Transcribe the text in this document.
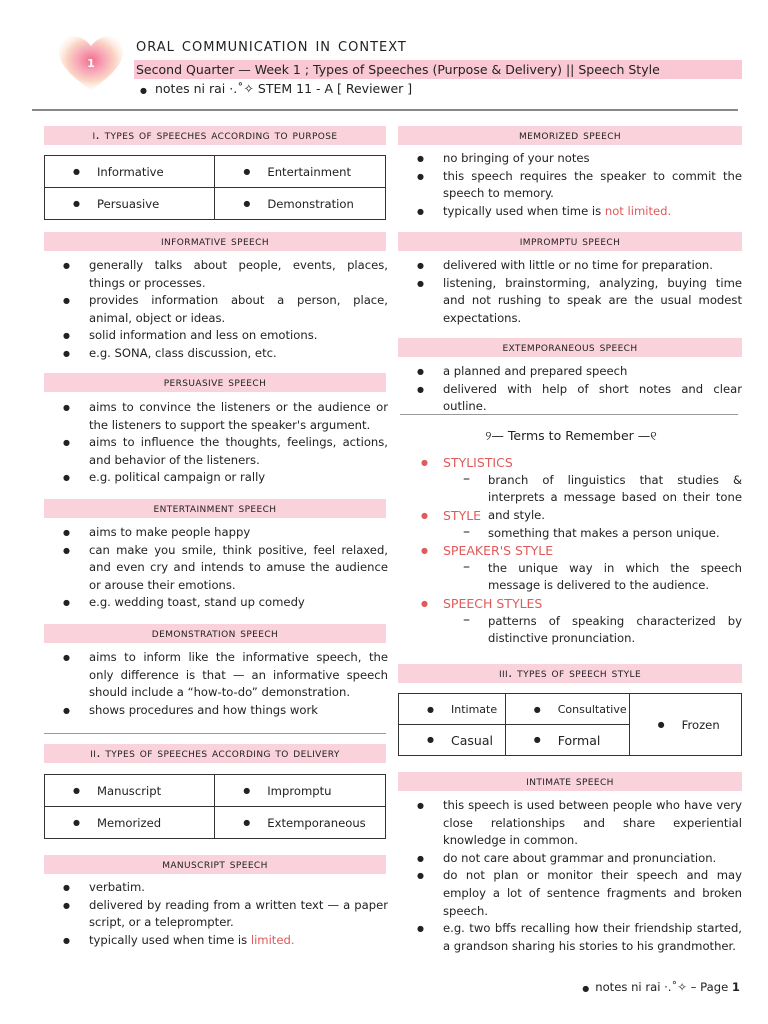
1
oral communication in context
Second Quarter — Week 1 ; Types of Speeches (Purpose & Delivery) || Speech Style
● notes ni rai ·.˚✧ STEM 11 - A [ Reviewer ]
i. types of speeches according to purpose
● Informative	● Entertainment

● Persuasive	● Demonstration
informative speech
● generally talks about people, events, places, things or processes.
● provides information about a person, place, animal, object or ideas.
● solid information and less on emotions.
● e.g. SONA, class discussion, etc.
persuasive speech
● aims to convince the listeners or the audience or the listeners to support the speaker's argument.
● aims to influence the thoughts, feelings, actions, and behavior of the listeners.
● e.g. political campaign or rally
entertainment speech
● aims to make people happy
● can make you smile, think positive, feel relaxed, and even cry and intends to amuse the audience or arouse their emotions.
● e.g. wedding toast, stand up comedy
demonstration speech
● aims to inform like the informative speech, the only difference is that — an informative speech should include a “how-to-do” demonstration.
● shows procedures and how things work
ii. types of speeches according to delivery
● Manuscript	● Impromptu

● Memorized	● Extemporaneous
manuscript speech
● verbatim.
● delivered by reading from a written text — a paper script, or a teleprompter.
● typically used when time is limited.
memorized speech
● no bringing of your notes
● this speech requires the speaker to commit the speech to memory.
● typically used when time is not limited.
impromptu speech
● delivered with little or no time for preparation.
● listening, brainstorming, analyzing, buying time and not rushing to speak are the usual modest expectations.
extemporaneous speech
● a planned and prepared speech
● delivered with help of short notes and clear outline.
୨— Terms to Remember —୧
● STYLISTICS
– branch of linguistics that studies & interprets a message based on their tone and style.
● STYLE
– something that makes a person unique.
● SPEAKER'S STYLE
– the unique way in which the speech message is delivered to the audience.
● SPEECH STYLES
– patterns of speaking characterized by distinctive pronunciation.
iii. types of speech style
● Intimate	● Consultative	● Frozen

● Casual	● Formal
intimate speech
● this speech is used between people who have very close relationships and share experiential knowledge in common.
● do not care about grammar and pronunciation.
● do not plan or monitor their speech and may employ a lot of sentence fragments and broken speech.
● e.g. two bffs recalling how their friendship started, a grandson sharing his stories to his grandmother.
● notes ni rai ·.˚✧ – Page 1
